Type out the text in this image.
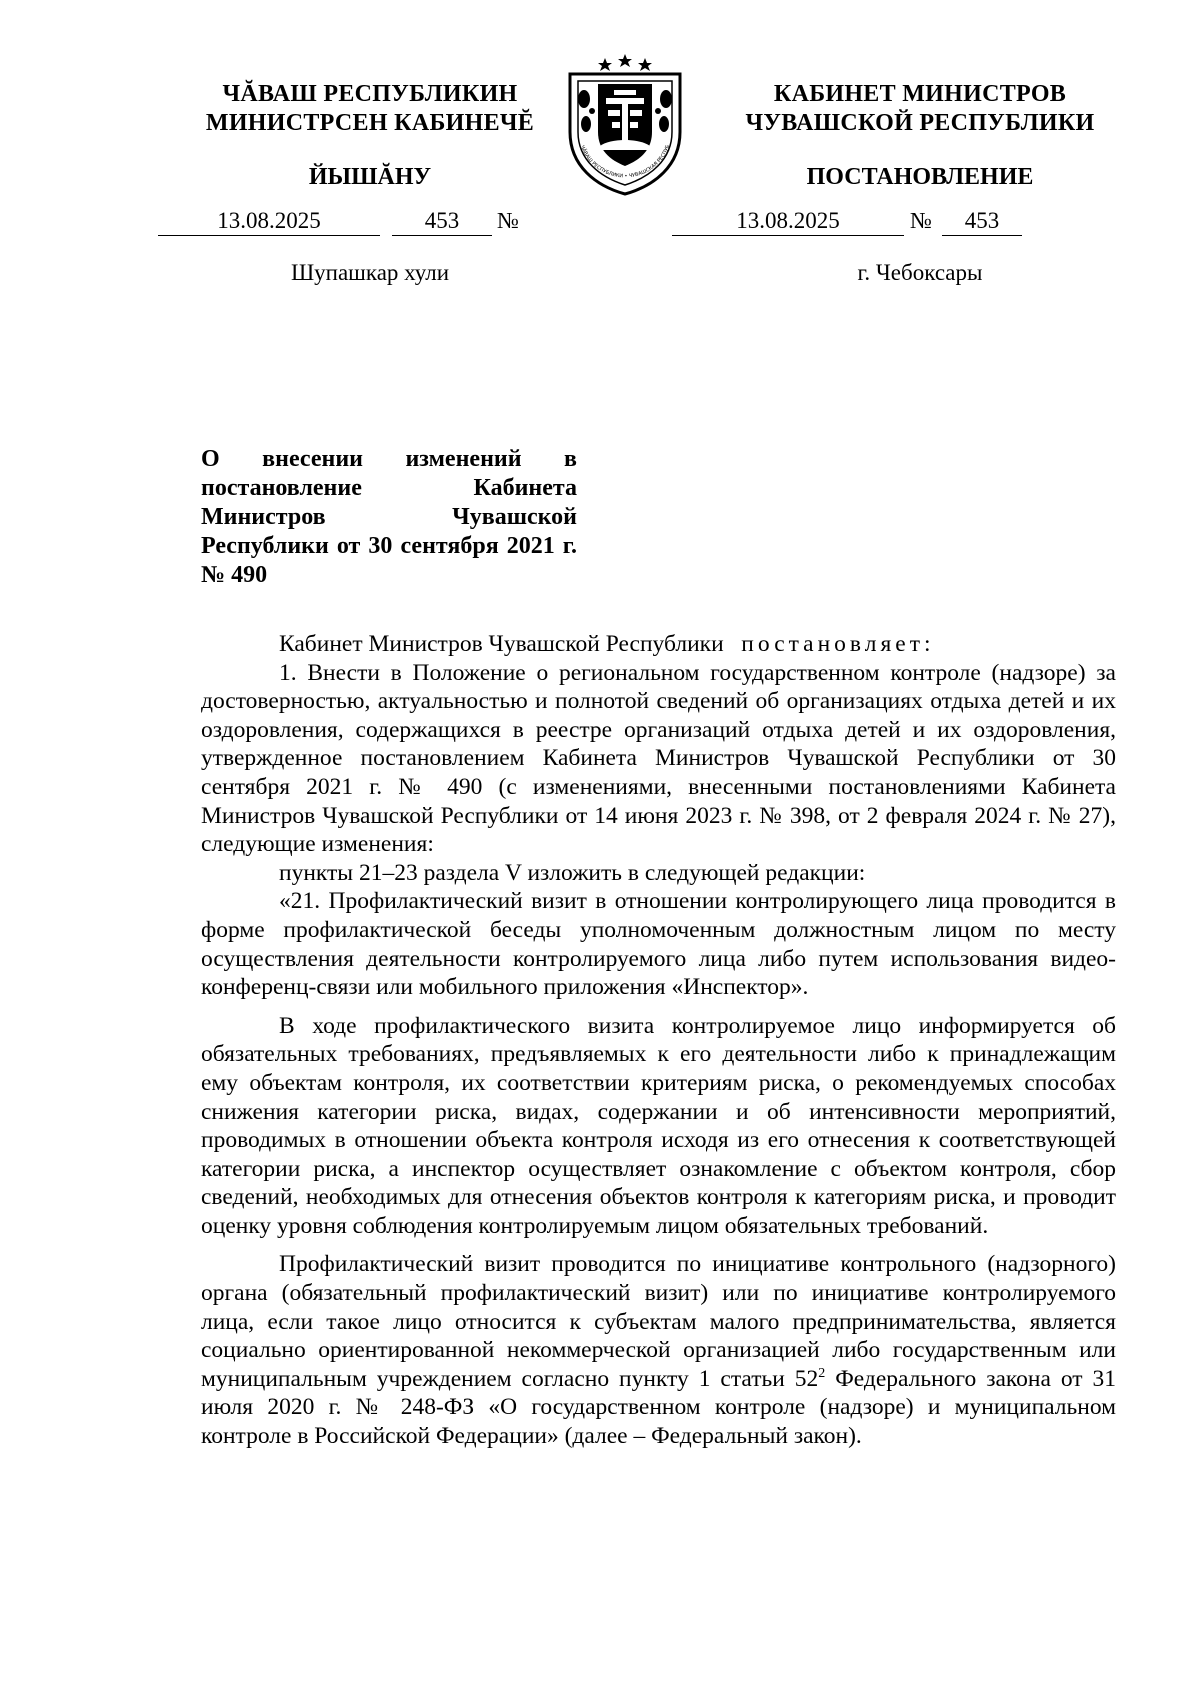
ЧĂВАШ РЕСПУБЛИКИН
МИНИСТРСЕН КАБИНЕЧĔ
ЙЫШĂНУ
КАБИНЕТ МИНИСТРОВ
ЧУВАШСКОЙ РЕСПУБЛИКИ
ПОСТАНОВЛЕНИЕ
ЧĂВАШ РЕСПУБЛИКИ • ЧУВАШСКАЯ РЕСПУБ
13.08.2025	453	№
Шупашкар хули
13.08.2025	№	453
г. Чебоксары
О внесении изменений в постановление Кабинета Министров Чувашской Республики от 30 сентября 2021 г. № 490

Кабинет Министров Чувашской Республики постановляет:

1. Внести в Положение о региональном государственном контроле (надзоре) за достоверностью, актуальностью и полнотой сведений об организациях отдыха детей и их оздоровления, содержащихся в реестре организаций отдыха детей и их оздоровления, утвержденное постановлением Кабинета Министров Чувашской Республики от 30 сентября 2021 г. № 490 (с изменениями, внесенными постановлениями Кабинета Министров Чувашской Республики от 14 июня 2023 г. № 398, от 2 февраля 2024 г. № 27), следующие изменения:

пункты 21–23 раздела V изложить в следующей редакции:

«21. Профилактический визит в отношении контролирующего лица проводится в форме профилактической беседы уполномоченным должностным лицом по месту осуществления деятельности контролируемого лица либо путем использования видео-конференц-связи или мобильного приложения «Инспектор».

В ходе профилактического визита контролируемое лицо информируется об обязательных требованиях, предъявляемых к его деятельности либо к принадлежащим ему объектам контроля, их соответствии критериям риска, о рекомендуемых способах снижения категории риска, видах, содержании и об интенсивности мероприятий, проводимых в отношении объекта контроля исходя из его отнесения к соответствующей категории риска, а инспектор осуществляет ознакомление с объектом контроля, сбор сведений, необходимых для отнесения объектов контроля к категориям риска, и проводит оценку уровня соблюдения контролируемым лицом обязательных требований.

Профилактический визит проводится по инициативе контрольного (надзорного) органа (обязательный профилактический визит) или по инициативе контролируемого лица, если такое лицо относится к субъектам малого предпринимательства, является социально ориентированной некоммерческой организацией либо государственным или муниципальным учреждением согласно пункту 1 статьи $52^2$ Федерального закона от 31 июля 2020 г. № 248-ФЗ «О государственном контроле (надзоре) и муниципальном контроле в Российской Федерации» (далее – Федеральный закон).
